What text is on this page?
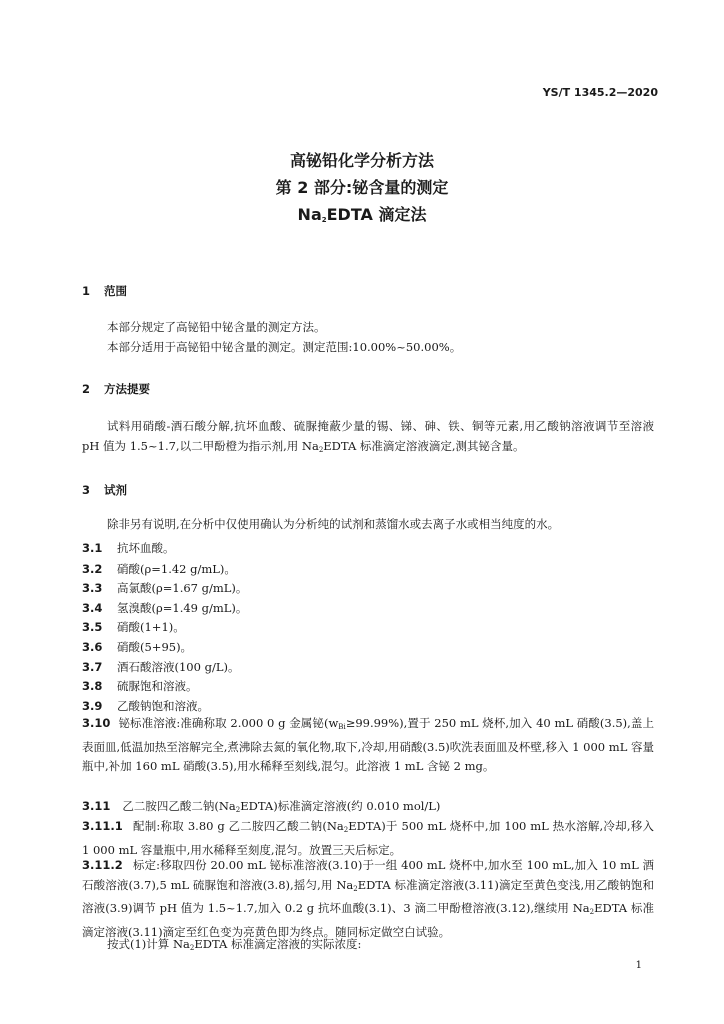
YS/T 1345.2—2020
高铋铅化学分析方法
第 2 部分:铋含量的测定
$Na_2EDTA$ 滴定法
1 范围
本部分规定了高铋铅中铋含量的测定方法。
本部分适用于高铋铅中铋含量的测定。测定范围:10.00%~50.00%。
2 方法提要
试料用硝酸-酒石酸分解,抗坏血酸、硫脲掩蔽少量的锡、锑、砷、铁、铜等元素,用乙酸钠溶液调节至溶液 pH 值为 1.5~1.7,以二甲酚橙为指示剂,用 $Na_2EDTA$ 标准滴定溶液滴定,测其铋含量。
3 试剂
除非另有说明,在分析中仅使用确认为分析纯的试剂和蒸馏水或去离子水或相当纯度的水。
3.1 抗坏血酸。
3.2 硝酸(ρ=1.42 g/mL)。
3.3 高氯酸(ρ=1.67 g/mL)。
3.4 氢溴酸(ρ=1.49 g/mL)。
3.5 硝酸(1+1)。
3.6 硝酸(5+95)。
3.7 酒石酸溶液(100 g/L)。
3.8 硫脲饱和溶液。
3.9 乙酸钠饱和溶液。
3.10 铋标准溶液:准确称取 2.000 0 g 金属铋$(w_{Bi}\ge 99.99\%)$,置于 250 mL 烧杯,加入 40 mL 硝酸(3.5),盖上表面皿,低温加热至溶解完全,煮沸除去氮的氧化物,取下,冷却,用硝酸(3.5)吹洗表面皿及杯壁,移入 1 000 mL 容量瓶中,补加 160 mL 硝酸(3.5),用水稀释至刻线,混匀。此溶液 1 mL 含铋 2 mg。
3.11 乙二胺四乙酸二钠$(Na_2EDTA)$标准滴定溶液(约 0.010 mol/L)
3.11.1 配制:称取 3.80 g 乙二胺四乙酸二钠$(Na_2EDTA)$于 500 mL 烧杯中,加 100 mL 热水溶解,冷却,移入 1 000 mL 容量瓶中,用水稀释至刻度,混匀。放置三天后标定。
3.11.2 标定:移取四份 20.00 mL 铋标准溶液(3.10)于一组 400 mL 烧杯中,加水至 100 mL,加入 10 mL 酒石酸溶液(3.7),5 mL 硫脲饱和溶液(3.8),摇匀,用 $Na_2EDTA$ 标准滴定溶液(3.11)滴定至黄色变浅,用乙酸钠饱和溶液(3.9)调节 pH 值为 1.5~1.7,加入 0.2 g 抗坏血酸(3.1)、3 滴二甲酚橙溶液(3.12),继续用 $Na_2EDTA$ 标准滴定溶液(3.11)滴定至红色变为亮黄色即为终点。随同标定做空白试验。
按式(1)计算 $Na_2EDTA$ 标准滴定溶液的实际浓度:
1
